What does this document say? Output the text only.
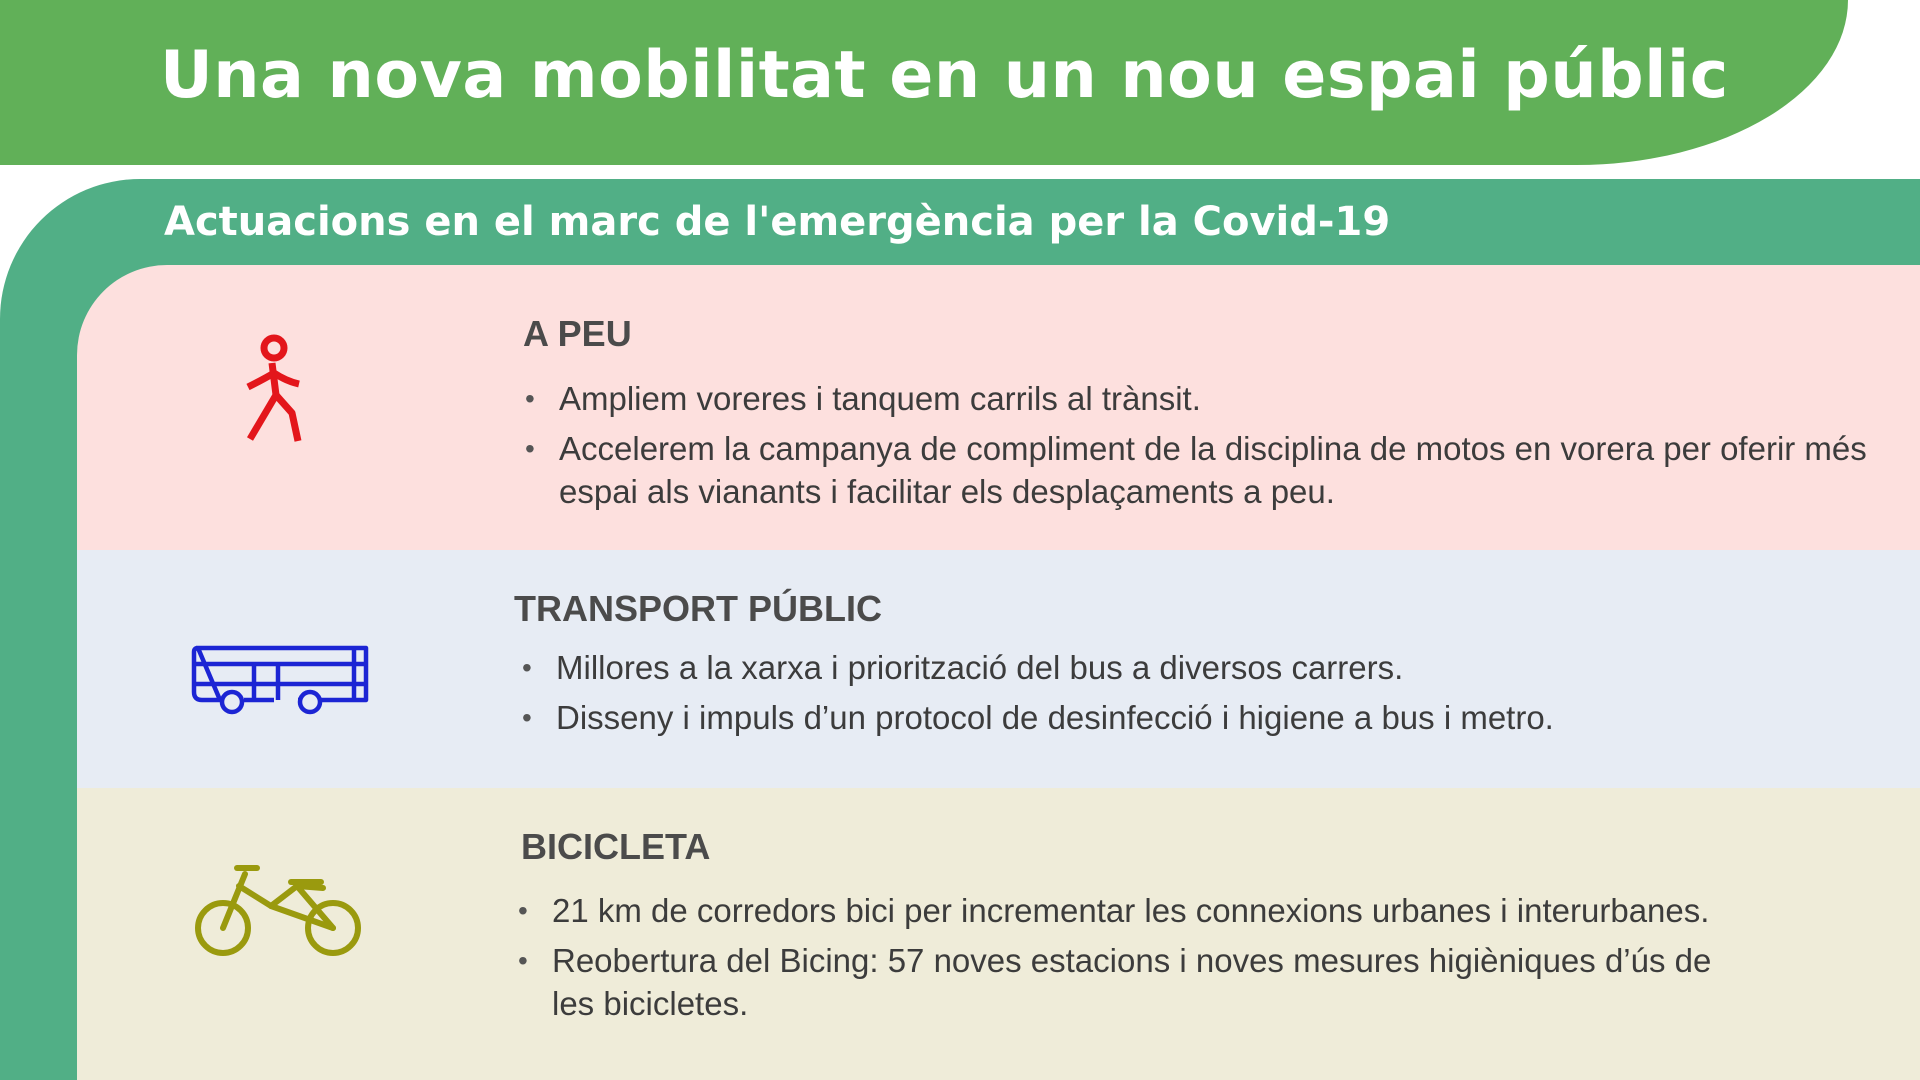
Una nova mobilitat en un nou espai públic
Actuacions en el marc de l'emergència per la Covid-19
A PEU
• Ampliem voreres i tanquem carrils al trànsit.
• Accelerem la campanya de compliment de la disciplina de motos en vorera per oferir més espai als vianants i facilitar els desplaçaments a peu.
TRANSPORT PÚBLIC
• Millores a la xarxa i priorització del bus a diversos carrers.
• Disseny i impuls d’un protocol de desinfecció i higiene a bus i metro.
BICICLETA
• 21 km de corredors bici per incrementar les connexions urbanes i interurbanes.
• Reobertura del Bicing: 57 noves estacions i noves mesures higièniques d’ús de les bicicletes.
